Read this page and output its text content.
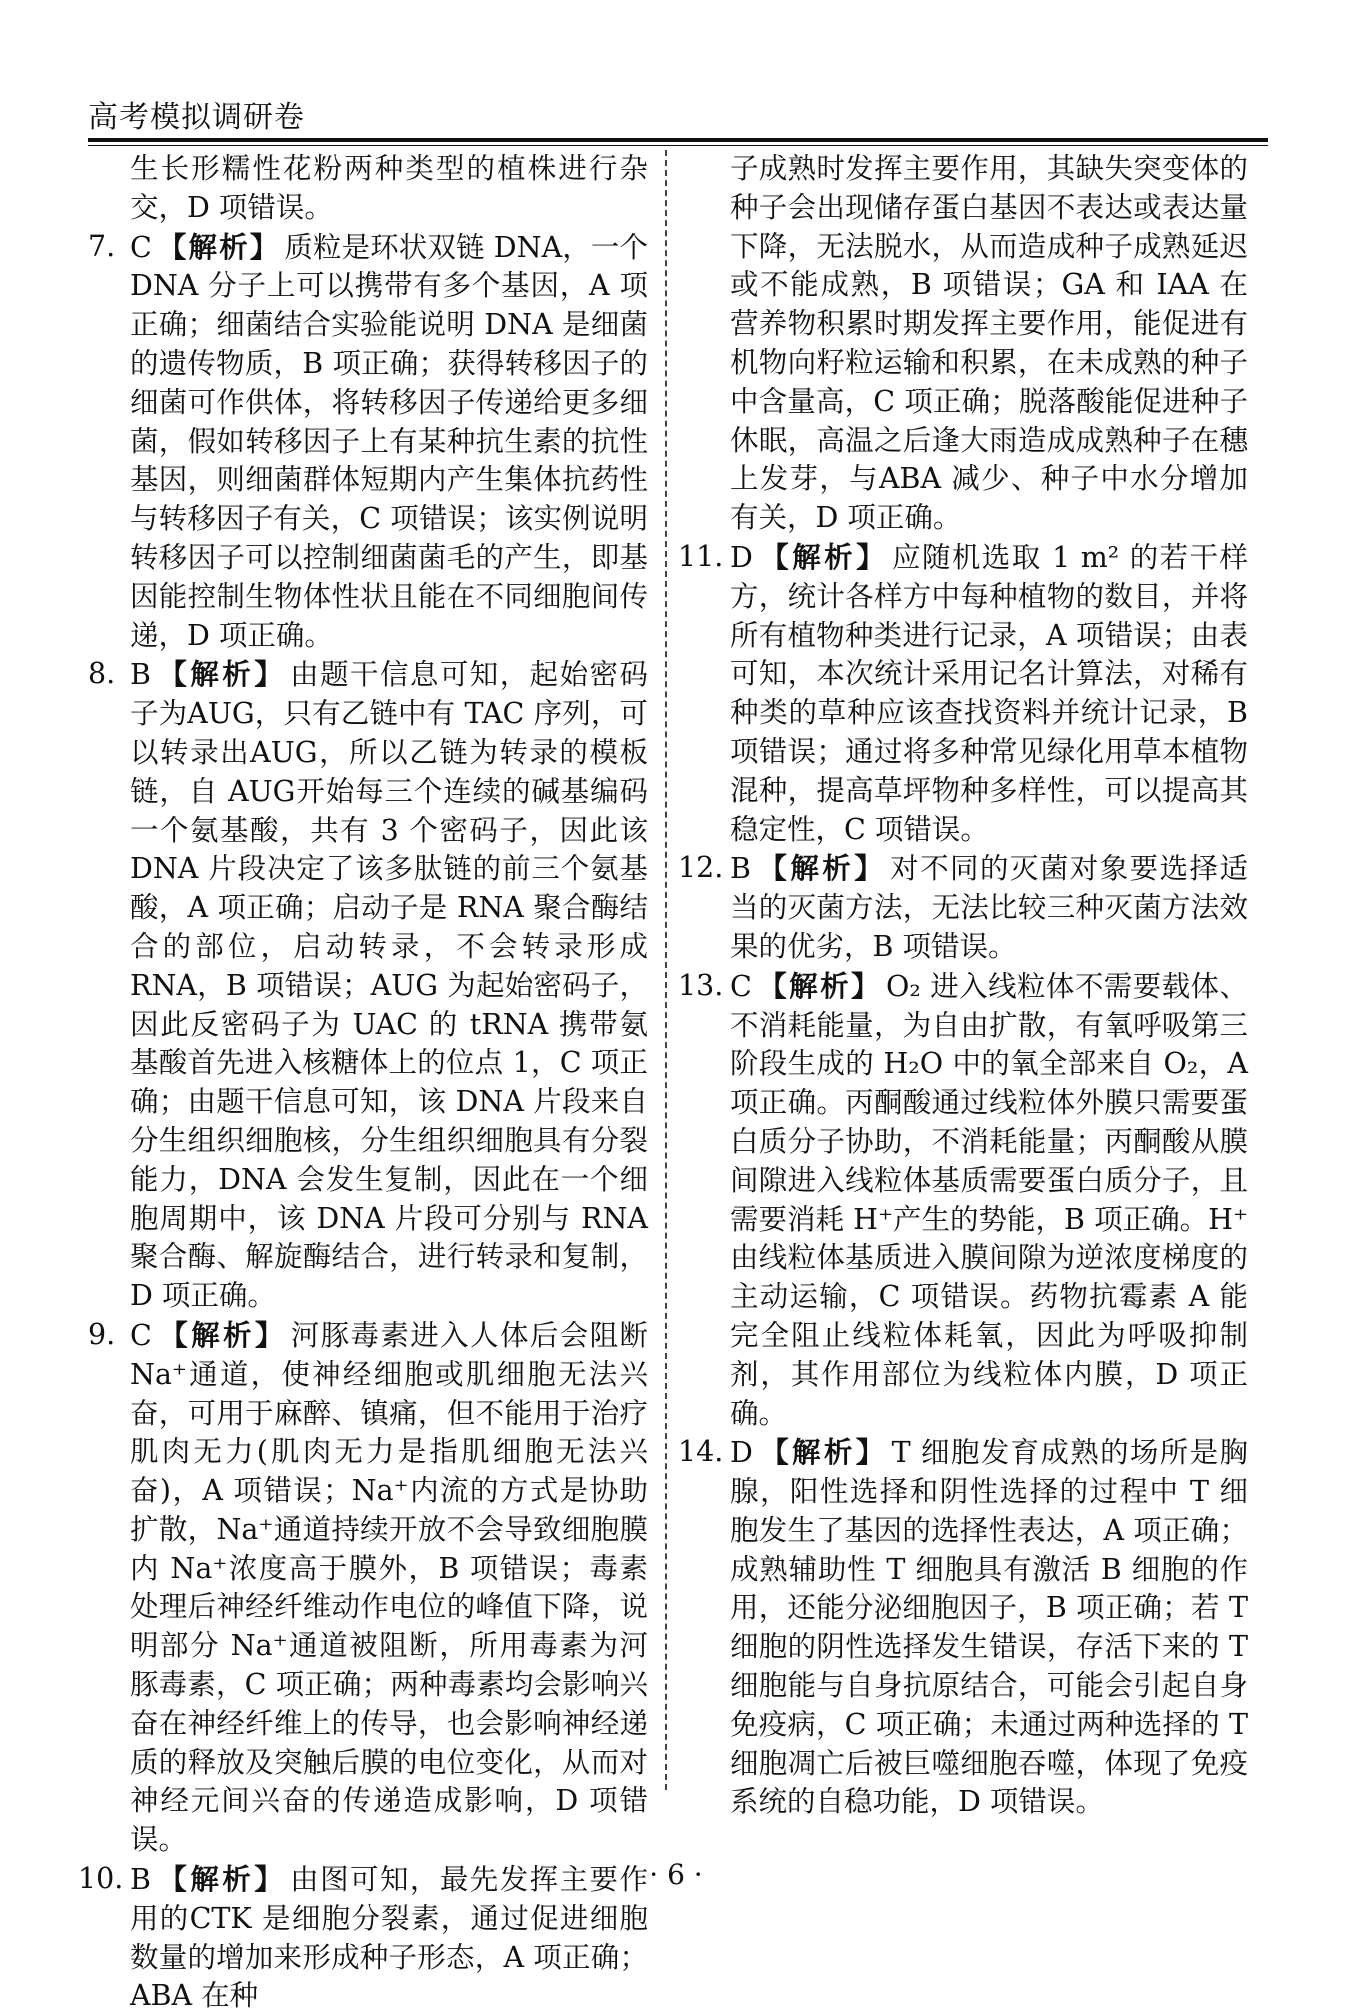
高考模拟调研卷

生长形糯性花粉两种类型的植株进行杂交，D 项错误。

7. C 【解析】 质粒是环状双链 DNA，一个DNA 分子上可以携带有多个基因，A 项正确；细菌结合实验能说明 DNA 是细菌的遗传物质，B 项正确；获得转移因子的细菌可作供体，将转移因子传递给更多细菌，假如转移因子上有某种抗生素的抗性基因，则细菌群体短期内产生集体抗药性与转移因子有关，C 项错误；该实例说明转移因子可以控制细菌菌毛的产生，即基因能控制生物体性状且能在不同细胞间传递，D 项正确。

8. B 【解析】 由题干信息可知，起始密码子为AUG，只有乙链中有 TAC 序列，可以转录出AUG，所以乙链为转录的模板链，自 AUG开始每三个连续的碱基编码一个氨基酸，共有 3 个密码子，因此该 DNA 片段决定了该多肽链的前三个氨基酸，A 项正确；启动子是 RNA 聚合酶结合的部位，启动转录，不会转录形成 RNA，B 项错误；AUG 为起始密码子，因此反密码子为 UAC 的 tRNA 携带氨基酸首先进入核糖体上的位点 1，C 项正确；由题干信息可知，该 DNA 片段来自分生组织细胞核，分生组织细胞具有分裂能力，DNA 会发生复制，因此在一个细胞周期中，该 DNA 片段可分别与 RNA 聚合酶、解旋酶结合，进行转录和复制，D 项正确。

9. C 【解析】 河豚毒素进入人体后会阻断Na⁺通道，使神经细胞或肌细胞无法兴奋，可用于麻醉、镇痛，但不能用于治疗肌肉无力(肌肉无力是指肌细胞无法兴奋)，A 项错误；Na⁺内流的方式是协助扩散，Na⁺通道持续开放不会导致细胞膜内 Na⁺浓度高于膜外，B 项错误；毒素处理后神经纤维动作电位的峰值下降，说明部分 Na⁺通道被阻断，所用毒素为河豚毒素，C 项正确；两种毒素均会影响兴奋在神经纤维上的传导，也会影响神经递质的释放及突触后膜的电位变化，从而对神经元间兴奋的传递造成影响，D 项错误。

10. B 【解析】 由图可知，最先发挥主要作用的CTK 是细胞分裂素，通过促进细胞数量的增加来形成种子形态，A 项正确；ABA 在种

子成熟时发挥主要作用，其缺失突变体的种子会出现储存蛋白基因不表达或表达量下降，无法脱水，从而造成种子成熟延迟或不能成熟，B 项错误；GA 和 IAA 在营养物积累时期发挥主要作用，能促进有机物向籽粒运输和积累，在未成熟的种子中含量高，C 项正确；脱落酸能促进种子休眠，高温之后逢大雨造成成熟种子在穗上发芽，与ABA 减少、种子中水分增加有关，D 项正确。

11. D 【解析】 应随机选取 1 m² 的若干样方，统计各样方中每种植物的数目，并将所有植物种类进行记录，A 项错误；由表可知，本次统计采用记名计算法，对稀有种类的草种应该查找资料并统计记录，B 项错误；通过将多种常见绿化用草本植物混种，提高草坪物种多样性，可以提高其稳定性，C 项错误。

12. B 【解析】 对不同的灭菌对象要选择适当的灭菌方法，无法比较三种灭菌方法效果的优劣，B 项错误。

13. C 【解析】 O₂ 进入线粒体不需要载体、不消耗能量，为自由扩散，有氧呼吸第三阶段生成的 H₂O 中的氧全部来自 O₂，A 项正确。丙酮酸通过线粒体外膜只需要蛋白质分子协助，不消耗能量；丙酮酸从膜间隙进入线粒体基质需要蛋白质分子，且需要消耗 H⁺产生的势能，B 项正确。H⁺由线粒体基质进入膜间隙为逆浓度梯度的主动运输，C 项错误。药物抗霉素 A 能完全阻止线粒体耗氧，因此为呼吸抑制剂，其作用部位为线粒体内膜，D 项正确。

14. D 【解析】 T 细胞发育成熟的场所是胸腺，阳性选择和阴性选择的过程中 T 细胞发生了基因的选择性表达，A 项正确；成熟辅助性 T 细胞具有激活 B 细胞的作用，还能分泌细胞因子，B 项正确；若 T 细胞的阴性选择发生错误，存活下来的 T 细胞能与自身抗原结合，可能会引起自身免疫病，C 项正确；未通过两种选择的 T 细胞凋亡后被巨噬细胞吞噬，体现了免疫系统的自稳功能，D 项错误。

· 6 ·
